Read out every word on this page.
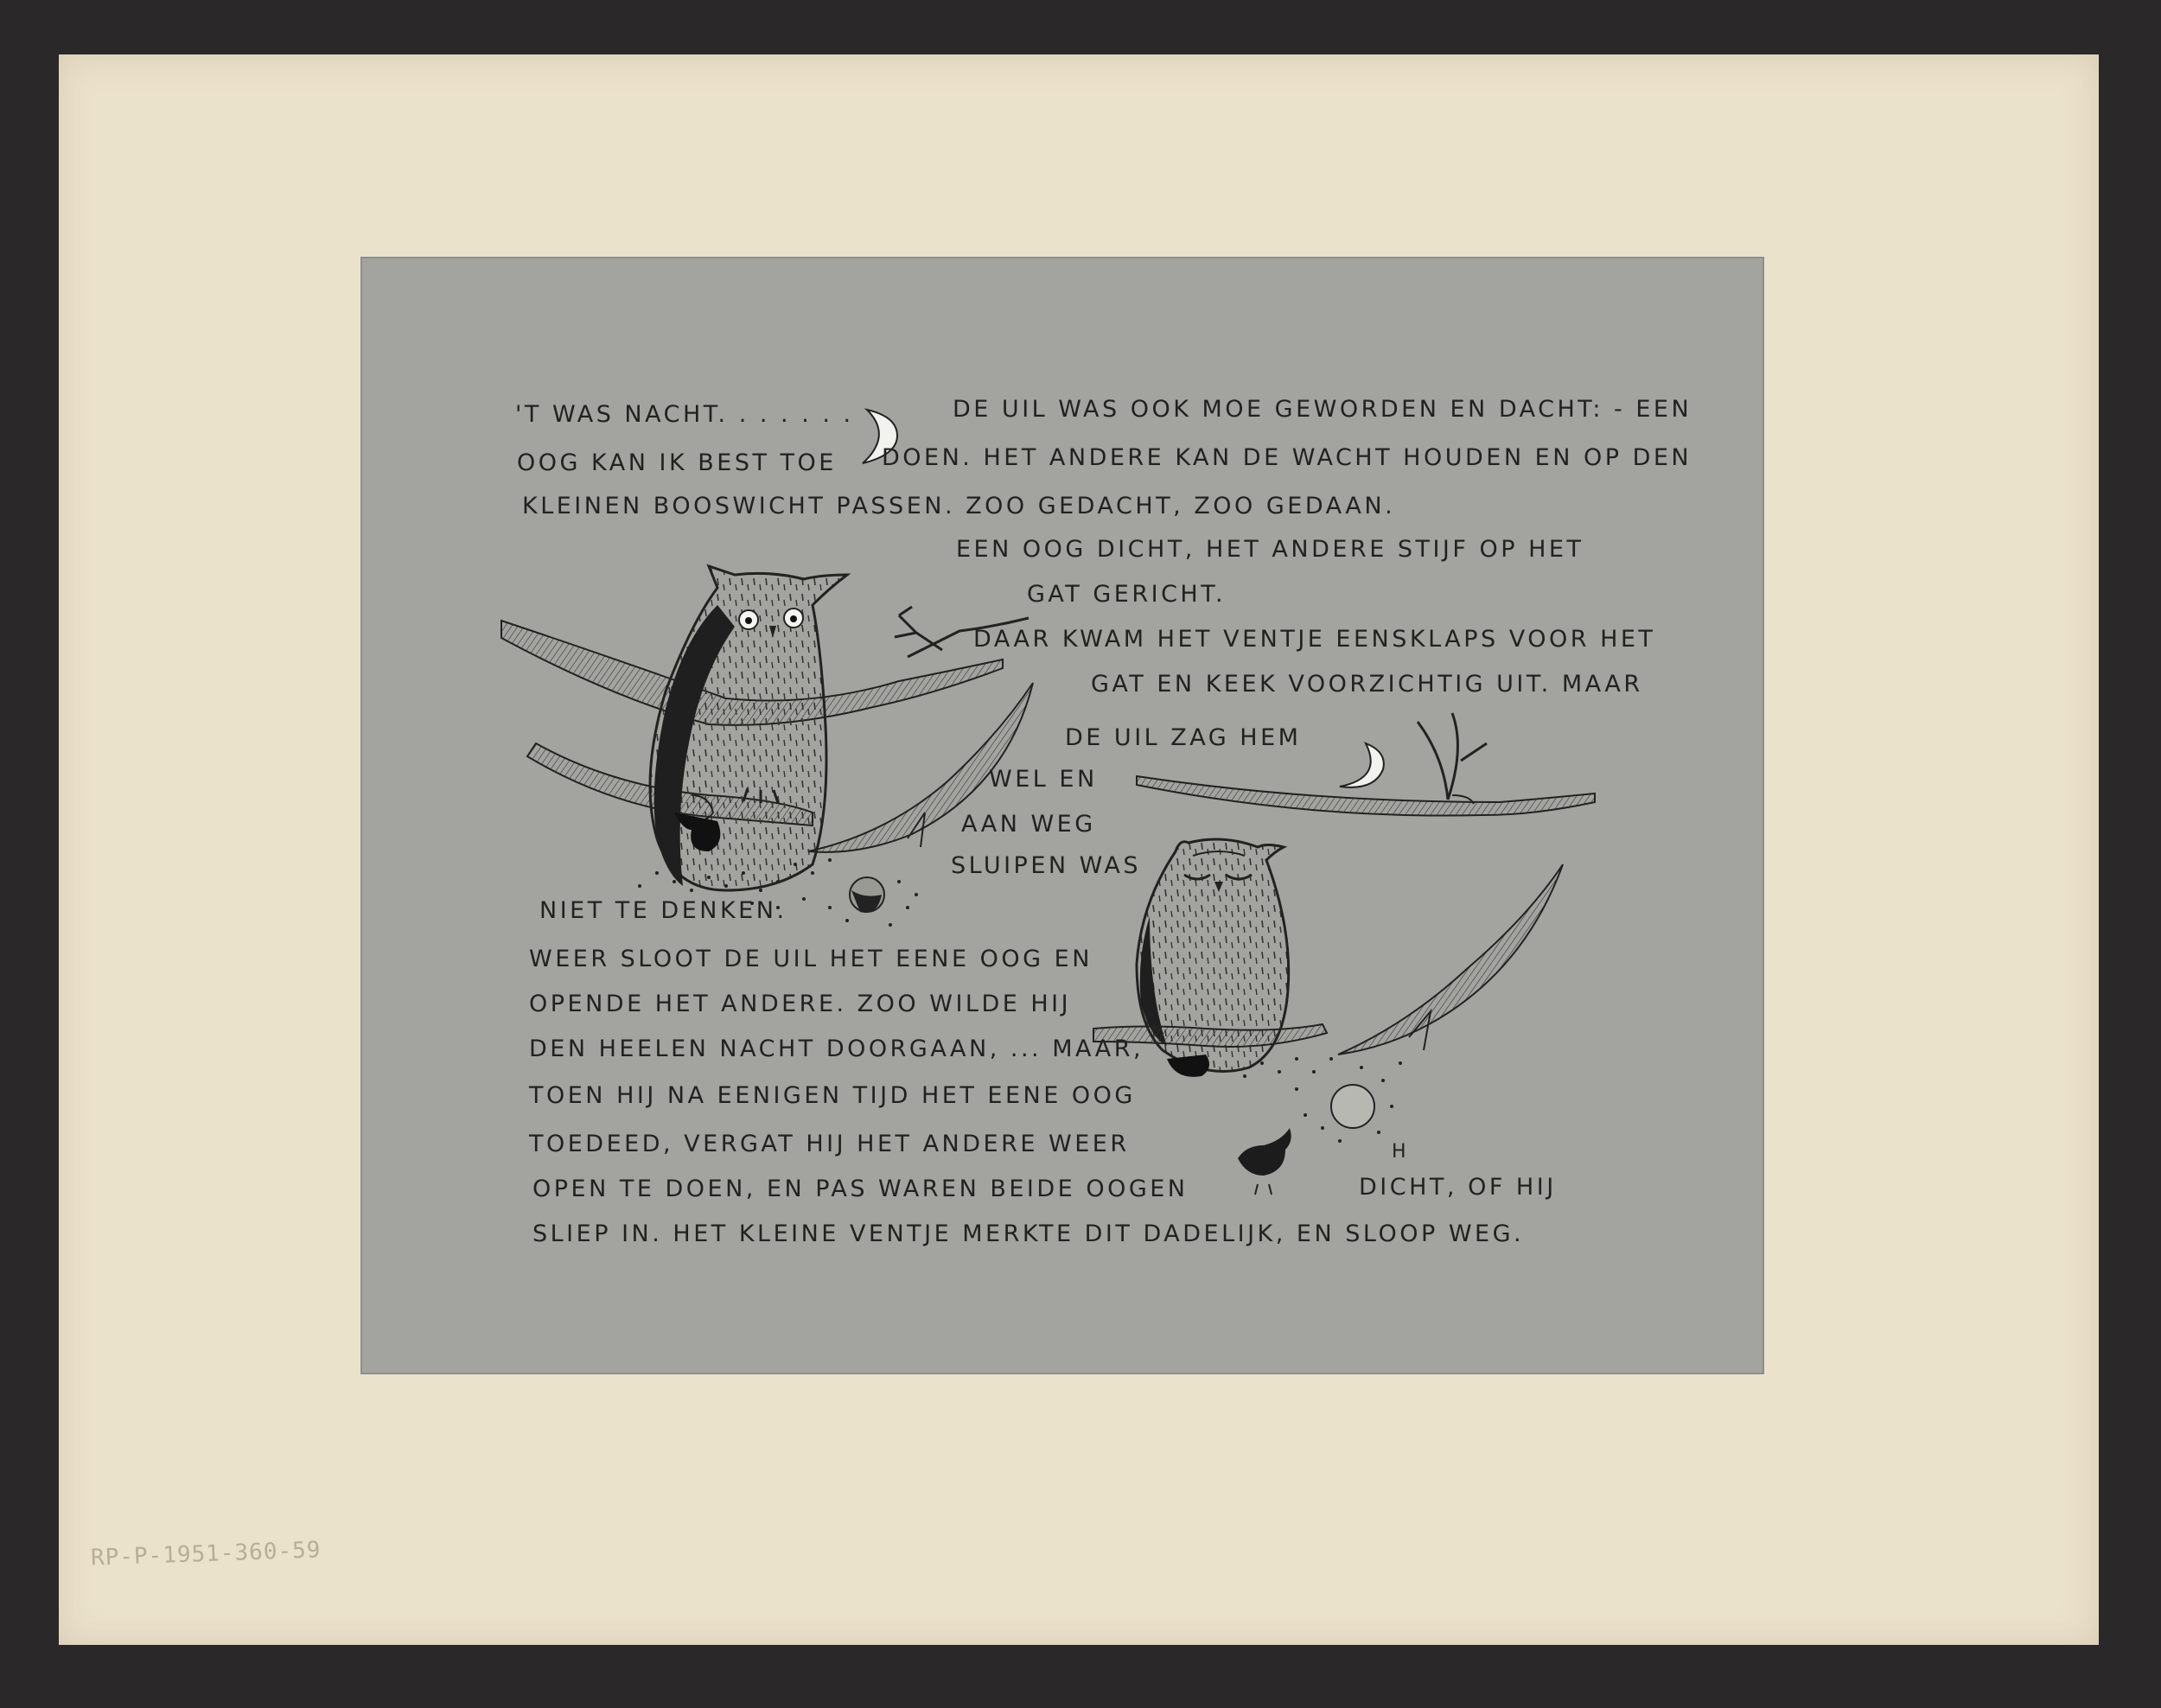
'T WAS NACHT. . . . . . .	DE UIL WAS OOK MOE GEWORDEN EN DACHT: - EEN
OOG KAN IK BEST TOE DOEN. HET ANDERE KAN DE WACHT HOUDEN EN OP DEN
KLEINEN BOOSWICHT PASSEN. ZOO GEDACHT, ZOO GEDAAN.
EEN OOG DICHT, HET ANDERE STIJF OP HET
GAT GERICHT.
DAAR KWAM HET VENTJE EENSKLAPS VOOR HET
GAT EN KEEK VOORZICHTIG UIT. MAAR
DE UIL ZAG HEM
WEL EN
AAN WEG
SLUIPEN WAS
NIET TE DENKEN.
WEER SLOOT DE UIL HET EENE OOG EN
OPENDE HET ANDERE. ZOO WILDE HIJ
DEN HEELEN NACHT DOORGAAN, ... MAAR,
TOEN HIJ NA EENIGEN TIJD HET EENE OOG
TOEDEED, VERGAT HIJ HET ANDERE WEER
OPEN TE DOEN, EN PAS WAREN BEIDE OOGEN	DICHT, OF HIJ
SLIEP IN. HET KLEINE VENTJE MERKTE DIT DADELIJK, EN SLOOP WEG.
H
RP-P-1951-360-59
